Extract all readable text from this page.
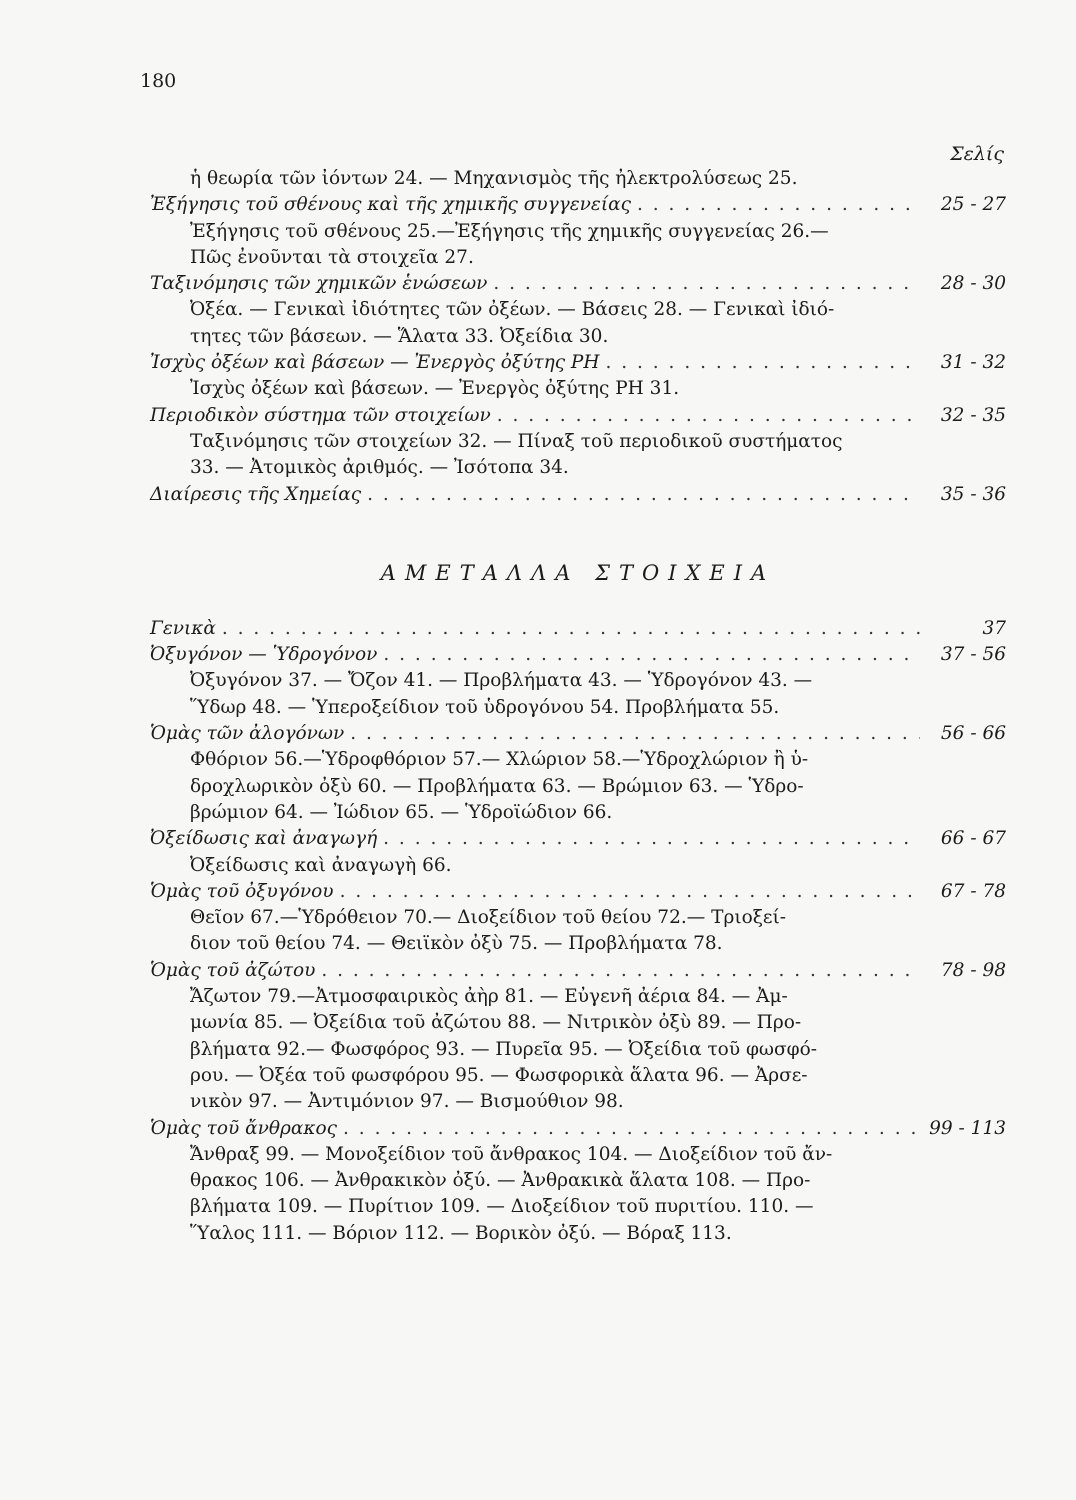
180
Σελίς
ἡ θεωρία τῶν ἰόντων 24. — Μηχανισμὸς τῆς ἠλεκτρολύσεως 25.
Ἐξήγησις τοῦ σθένους καὶ τῆς χημικῆς συγγενείας . . .	25 - 27
Ἐξήγησις τοῦ σθένους 25.—Ἐξήγησις τῆς χημικῆς συγγενείας 26.—
Πῶς ἐνοῦνται τὰ στοιχεῖα 27.
Ταξινόμησις τῶν χημικῶν ἑνώσεων . . .	28 - 30
Ὀξέα. — Γενικαὶ ἰδιότητες τῶν ὀξέων. — Βάσεις 28. — Γενικαὶ ἰδιό-
τητες τῶν βάσεων. — Ἅλατα 33. Ὀξείδια 30.
Ἰσχὺς ὀξέων καὶ βάσεων — Ἐνεργὸς ὀξύτης PH . . .	31 - 32
Ἰσχὺς ὀξέων καὶ βάσεων. — Ἐνεργὸς ὀξύτης PH 31.
Περιοδικὸν σύστημα τῶν στοιχείων . . .	32 - 35
Ταξινόμησις τῶν στοιχείων 32. — Πίναξ τοῦ περιοδικοῦ συστήματος
33. — Ἀτομικὸς ἀριθμός. — Ἰσότοπα 34.
Διαίρεσις τῆς Χημείας . . .	35 - 36
ΑΜΕΤΑΛΛΑ ΣΤΟΙΧΕΙΑ
Γενικὰ . . .	37
Ὀξυγόνον — Ὑδρογόνον . . .	37 - 56
Ὀξυγόνον 37. — Ὄζον 41. — Προβλήματα 43. — Ὑδρογόνον 43. —
Ὕδωρ 48. — Ὑπεροξείδιον τοῦ ὑδρογόνου 54. Προβλήματα 55.
Ὁμὰς τῶν ἀλογόνων . . .	56 - 66
Φθόριον 56.—Ὑδροφθόριον 57.— Χλώριον 58.—Ὑδροχλώριον ἢ ὑ-
δροχλωρικὸν ὀξὺ 60. — Προβλήματα 63. — Βρώμιον 63. — Ὑδρο-
βρώμιον 64. — Ἰώδιον 65. — Ὑδροϊώδιον 66.
Ὀξείδωσις καὶ ἀναγωγή . . .	66 - 67
Ὀξείδωσις καὶ ἀναγωγὴ 66.
Ὁμὰς τοῦ ὀξυγόνου . . .	67 - 78
Θεῖον 67.—Ὑδρόθειον 70.— Διοξείδιον τοῦ θείου 72.— Τριοξεί-
διον τοῦ θείου 74. — Θειϊκὸν ὀξὺ 75. — Προβλήματα 78.
Ὁμὰς τοῦ ἀζώτου . . .	78 - 98
Ἄζωτον 79.—Ἀτμοσφαιρικὸς ἀὴρ 81. — Εὐγενῆ ἀέρια 84. — Ἀμ-
μωνία 85. — Ὀξείδια τοῦ ἀζώτου 88. — Νιτρικὸν ὀξὺ 89. — Προ-
βλήματα 92.— Φωσφόρος 93. — Πυρεῖα 95. — Ὀξείδια τοῦ φωσφό-
ρου. — Ὀξέα τοῦ φωσφόρου 95. — Φωσφορικὰ ἅλατα 96. — Ἀρσε-
νικὸν 97. — Ἀντιμόνιον 97. — Βισμούθιον 98.
Ὁμὰς τοῦ ἄνθρακος . . .	99 - 113
Ἄνθραξ 99. — Μονοξείδιον τοῦ ἄνθρακος 104. — Διοξείδιον τοῦ ἄν-
θρακος 106. — Ἀνθρακικὸν ὀξύ. — Ἀνθρακικὰ ἅλατα 108. — Προ-
βλήματα 109. — Πυρίτιον 109. — Διοξείδιον τοῦ πυριτίου. 110. —
Ὕαλος 111. — Βόριον 112. — Βορικὸν ὀξύ. — Βόραξ 113.
